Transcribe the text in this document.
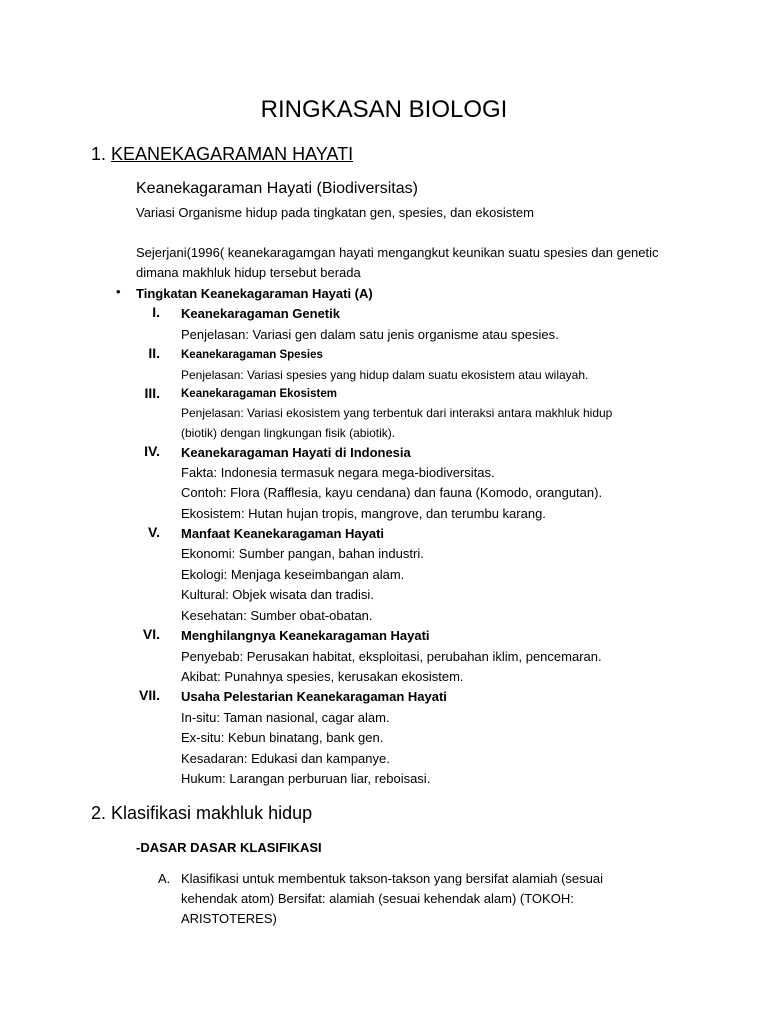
RINGKASAN BIOLOGI
1. KEANEKAGARAMAN HAYATI
Keanekagaraman Hayati (Biodiversitas)
Variasi Organisme hidup pada tingkatan gen, spesies, dan ekosistem
Sejerjani(1996( keanekaragamgan hayati mengangkut keunikan suatu spesies dan genetic
dimana makhluk hidup tersebut berada
• Tingkatan Keanekagaraman Hayati (A)
I. Keanekaragaman Genetik
Penjelasan: Variasi gen dalam satu jenis organisme atau spesies.
II. Keanekaragaman Spesies
Penjelasan: Variasi spesies yang hidup dalam suatu ekosistem atau wilayah.
III. Keanekaragaman Ekosistem
Penjelasan: Variasi ekosistem yang terbentuk dari interaksi antara makhluk hidup
(biotik) dengan lingkungan fisik (abiotik).
IV. Keanekaragaman Hayati di Indonesia
Fakta: Indonesia termasuk negara mega-biodiversitas.
Contoh: Flora (Rafflesia, kayu cendana) dan fauna (Komodo, orangutan).
Ekosistem: Hutan hujan tropis, mangrove, dan terumbu karang.
V. Manfaat Keanekaragaman Hayati
Ekonomi: Sumber pangan, bahan industri.
Ekologi: Menjaga keseimbangan alam.
Kultural: Objek wisata dan tradisi.
Kesehatan: Sumber obat-obatan.
VI. Menghilangnya Keanekaragaman Hayati
Penyebab: Perusakan habitat, eksploitasi, perubahan iklim, pencemaran.
Akibat: Punahnya spesies, kerusakan ekosistem.
VII. Usaha Pelestarian Keanekaragaman Hayati
In-situ: Taman nasional, cagar alam.
Ex-situ: Kebun binatang, bank gen.
Kesadaran: Edukasi dan kampanye.
Hukum: Larangan perburuan liar, reboisasi.
2. Klasifikasi makhluk hidup
-DASAR DASAR KLASIFIKASI
A. Klasifikasi untuk membentuk takson-takson yang bersifat alamiah (sesuai
kehendak atom) Bersifat: alamiah (sesuai kehendak alam) (TOKOH:
ARISTOTERES)
